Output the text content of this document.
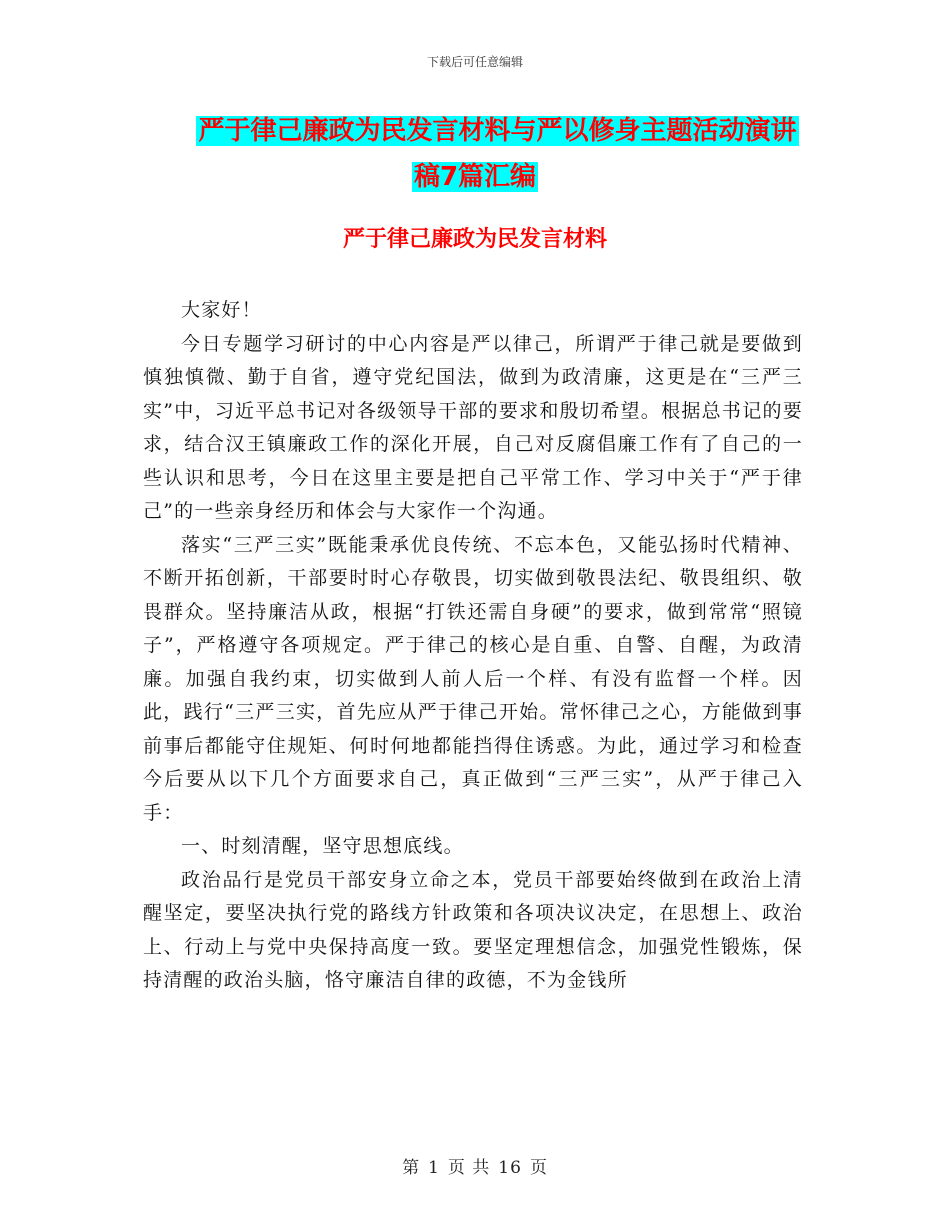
下载后可任意编辑
严于律己廉政为民发言材料与严以修身主题活动演讲
稿7篇汇编
严于律己廉政为民发言材料

大家好！

今日专题学习研讨的中心内容是严以律己，所谓严于律己就是要做到慎独慎微、勤于自省，遵守党纪国法，做到为政清廉，这更是在“三严三实”中，习近平总书记对各级领导干部的要求和殷切希望。根据总书记的要求，结合汉王镇廉政工作的深化开展，自己对反腐倡廉工作有了自己的一些认识和思考，今日在这里主要是把自己平常工作、学习中关于“严于律己”的一些亲身经历和体会与大家作一个沟通。

落实“三严三实”既能秉承优良传统、不忘本色，又能弘扬时代精神、不断开拓创新，干部要时时心存敬畏，切实做到敬畏法纪、敬畏组织、敬畏群众。坚持廉洁从政，根据“打铁还需自身硬”的要求，做到常常“照镜子”，严格遵守各项规定。严于律己的核心是自重、自警、自醒，为政清廉。加强自我约束，切实做到人前人后一个样、有没有监督一个样。因此，践行“三严三实，首先应从严于律己开始。常怀律己之心，方能做到事前事后都能守住规矩、何时何地都能挡得住诱惑。为此，通过学习和检查今后要从以下几个方面要求自己，真正做到“三严三实”，从严于律己入手：

一、时刻清醒，坚守思想底线。

政治品行是党员干部安身立命之本，党员干部要始终做到在政治上清醒坚定，要坚决执行党的路线方针政策和各项决议决定，在思想上、政治上、行动上与党中央保持高度一致。要坚定理想信念，加强党性锻炼，保持清醒的政治头脑，恪守廉洁自律的政德，不为金钱所

第 1 页 共 16 页
